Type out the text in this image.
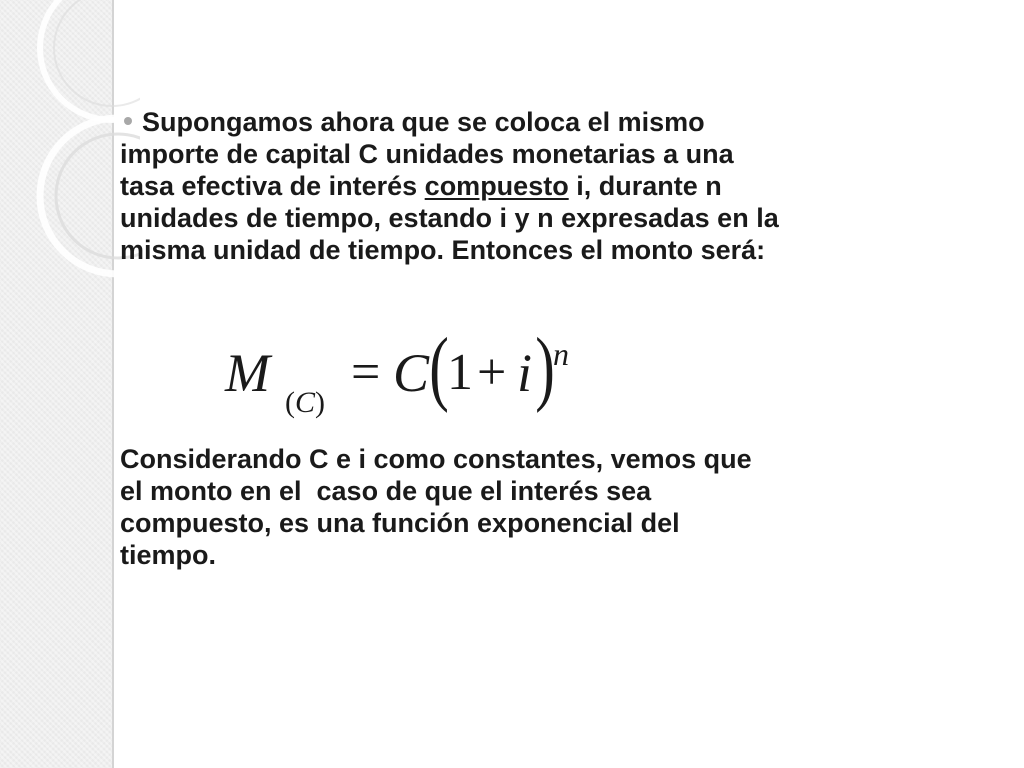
Supongamos ahora que se coloca el mismo
importe de capital C unidades monetarias a una
tasa efectiva de interés compuesto i, durante n
unidades de tiempo, estando i y n expresadas en la
misma unidad de tiempo. Entonces el monto será:
M (C)
= C (
1 + i )
n
Considerando C e i como constantes, vemos que
el monto en el  caso de que el interés sea
compuesto, es una función exponencial del
tiempo.
